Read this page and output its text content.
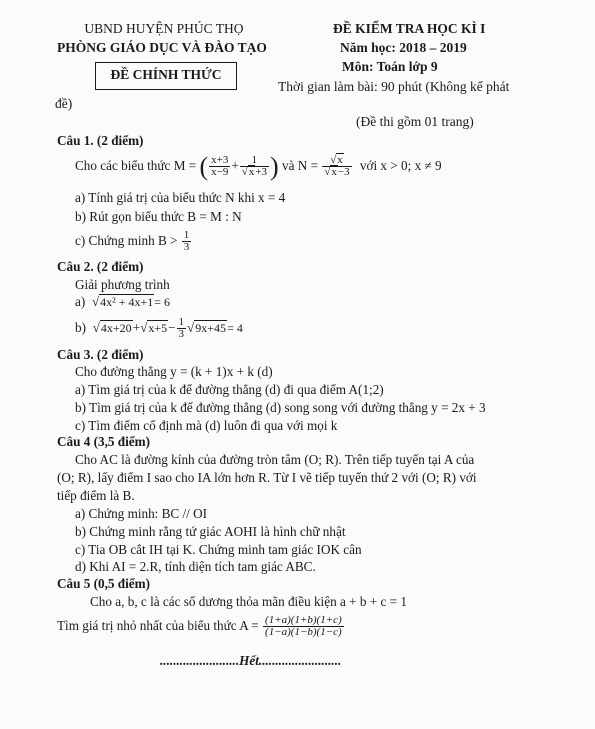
UBND HUYỆN PHÚC THỌ
PHÒNG GIÁO DỤC VÀ ĐÀO TẠO
ĐỀ CHÍNH THỨC
ĐỀ KIỂM TRA HỌC KÌ I
Năm học: 2018 – 2019
Môn: Toán lớp 9
Thời gian làm bài: 90 phút (Không kể phát
đề)
(Đề thi gồm 01 trang)
Câu 1. (2 điểm)
Cho các biểu thức M = ( $\frac{x+3}{x-9} + 1$
√ x+3 ) và N = √ x
√ x−3 với x > 0; x ≠ 9
a) Tính giá trị của biểu thức N khi x = 4
b) Rút gọn biểu thức B = M : N
c) Chứng minh $B > \frac{1}{3}$
Câu 2. (2 điểm)
Giải phương trình
a) √ 4x² + 4x+1= 6
b) √ 4x+20+ √ $x+5- \frac{1}{3}$ √ 9x+45= 4
Câu 3. (2 điểm)
Cho đường thẳng y = (k + 1)x + k (d)
a) Tìm giá trị của k để đường thẳng (d) đi qua điểm A(1;2)
b) Tìm giá trị của k để đường thẳng (d) song song với đường thẳng y = 2x + 3
c) Tìm điểm cố định mà (d) luôn đi qua với mọi k
Câu 4 (3,5 điểm)
Cho AC là đường kính của đường tròn tâm (O; R). Trên tiếp tuyến tại A của
(O; R), lấy điểm I sao cho IA lớn hơn R. Từ I vẽ tiếp tuyến thứ 2 với (O; R) với
tiếp điểm là B.
a) Chứng minh: BC // OI
b) Chứng minh rằng tứ giác AOHI là hình chữ nhật
c) Tia OB cắt IH tại K. Chứng minh tam giác IOK cân
d) Khi AI = 2.R, tính diện tích tam giác ABC.
Câu 5 (0,5 điểm)
Cho a, b, c là các số dương thỏa mãn điều kiện a + b + c = 1
Tìm giá trị nhỏ nhất của biểu thức $A = \frac{(1+a)(1+b)(1+c)}{(1-a)(1-b)(1-c)}$
........................Hết.........................
